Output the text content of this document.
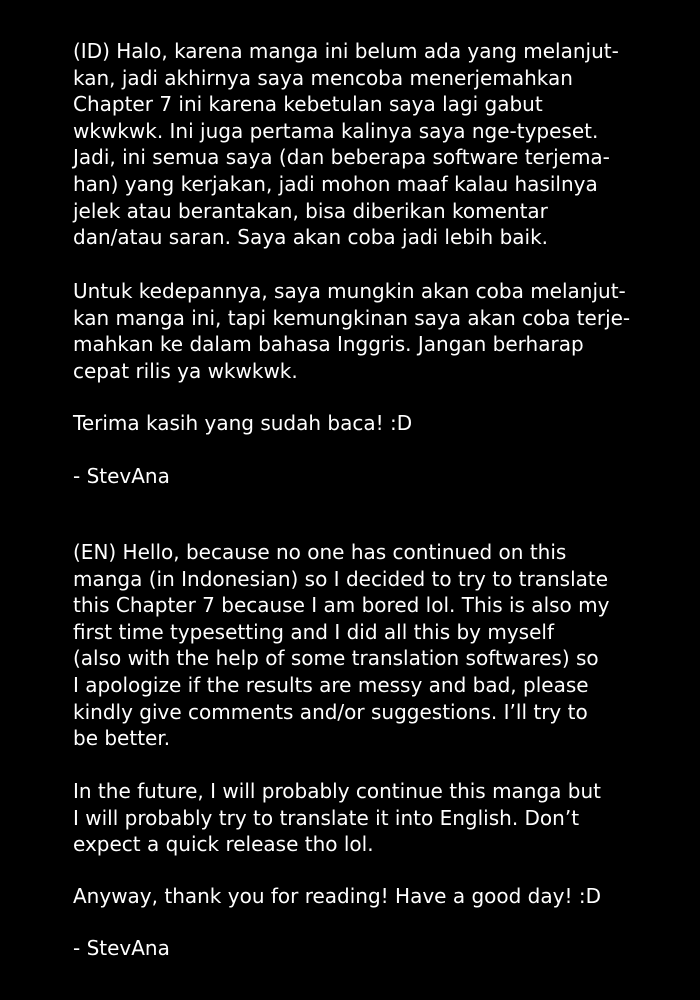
(ID) Halo, karena manga ini belum ada yang melanjut-
kan, jadi akhirnya saya mencoba menerjemahkan
Chapter 7 ini karena kebetulan saya lagi gabut
wkwkwk. Ini juga pertama kalinya saya nge-typeset.
Jadi, ini semua saya (dan beberapa software terjema-
han) yang kerjakan, jadi mohon maaf kalau hasilnya
jelek atau berantakan, bisa diberikan komentar
dan/atau saran. Saya akan coba jadi lebih baik.
Untuk kedepannya, saya mungkin akan coba melanjut-
kan manga ini, tapi kemungkinan saya akan coba terje-
mahkan ke dalam bahasa Inggris. Jangan berharap
cepat rilis ya wkwkwk.
Terima kasih yang sudah baca! :D
- StevAna
(EN) Hello, because no one has continued on this
manga (in Indonesian) so I decided to try to translate
this Chapter 7 because I am bored lol. This is also my
first time typesetting and I did all this by myself
(also with the help of some translation softwares) so
I apologize if the results are messy and bad, please
kindly give comments and/or suggestions. I’ll try to
be better.
In the future, I will probably continue this manga but
I will probably try to translate it into English. Don’t
expect a quick release tho lol.
Anyway, thank you for reading! Have a good day! :D
- StevAna
